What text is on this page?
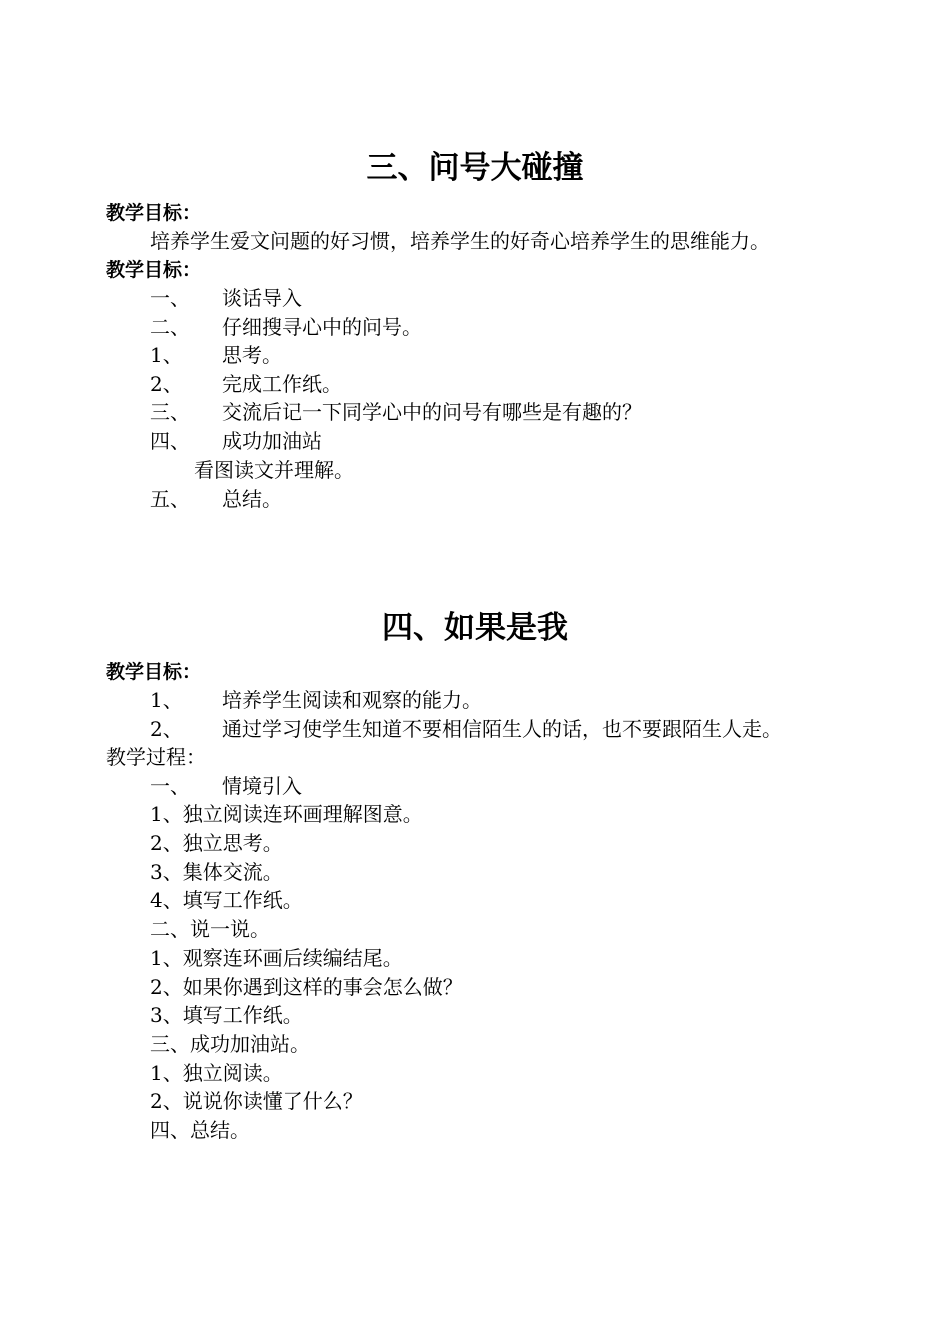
三、问号大碰撞
教学目标：
培养学生爱文问题的好习惯，培养学生的好奇心培养学生的思维能力。
教学目标：
一、 谈话导入
二、 仔细搜寻心中的问号。
1、 思考。
2、 完成工作纸。
三、 交流后记一下同学心中的问号有哪些是有趣的？
四、 成功加油站
看图读文并理解。
五、 总结。
四、如果是我
教学目标：
1、 培养学生阅读和观察的能力。
2、 通过学习使学生知道不要相信陌生人的话，也不要跟陌生人走。
教学过程：
一、 情境引入
1、独立阅读连环画理解图意。
2、独立思考。
3、集体交流。
4、填写工作纸。
二、说一说。
1、观察连环画后续编结尾。
2、如果你遇到这样的事会怎么做？
3、填写工作纸。
三、成功加油站。
1、独立阅读。
2、说说你读懂了什么？
四、总结。
